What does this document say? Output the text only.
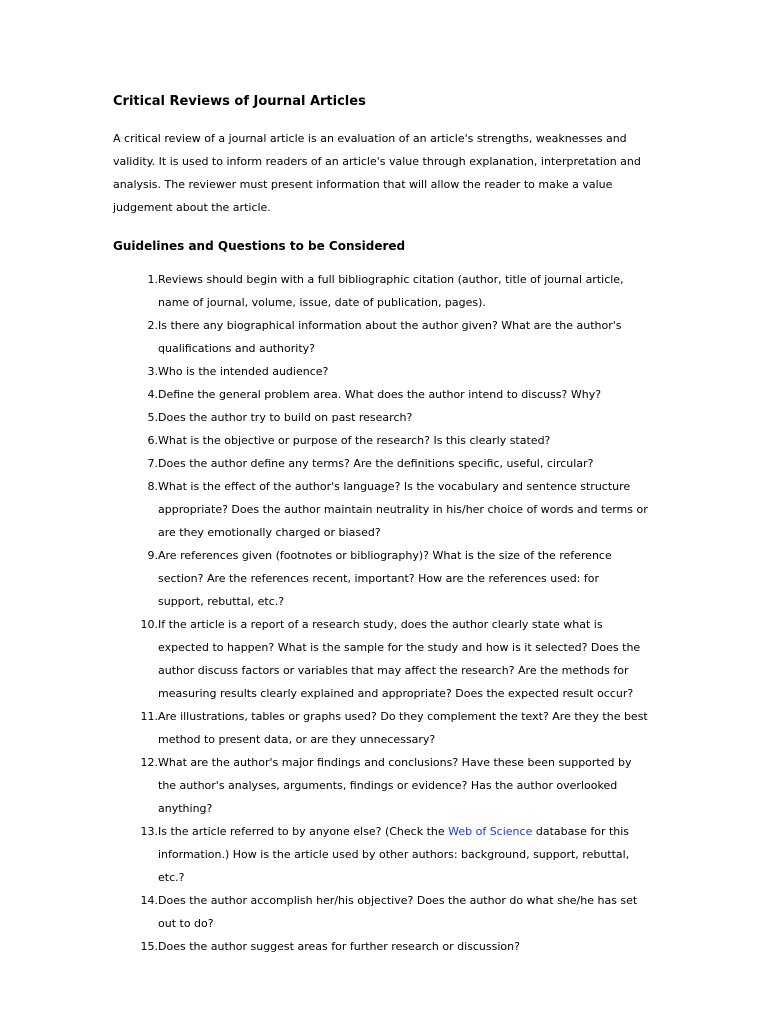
Critical Reviews of Journal Articles

A critical review of a journal article is an evaluation of an article's strengths, weaknesses and validity. It is used to inform readers of an article's value through explanation, interpretation and analysis. The reviewer must present information that will allow the reader to make a value judgement about the article.

Guidelines and Questions to be Considered
1. Reviews should begin with a full bibliographic citation (author, title of journal article, name of journal, volume, issue, date of publication, pages).
2. Is there any biographical information about the author given? What are the author's qualifications and authority?
3. Who is the intended audience?
4. Define the general problem area. What does the author intend to discuss? Why?
5. Does the author try to build on past research?
6. What is the objective or purpose of the research? Is this clearly stated?
7. Does the author define any terms? Are the definitions specific, useful, circular?
8. What is the effect of the author's language? Is the vocabulary and sentence structure appropriate? Does the author maintain neutrality in his/her choice of words and terms or are they emotionally charged or biased?
9. Are references given (footnotes or bibliography)? What is the size of the reference section? Are the references recent, important? How are the references used: for support, rebuttal, etc.?
10. If the article is a report of a research study, does the author clearly state what is expected to happen? What is the sample for the study and how is it selected? Does the author discuss factors or variables that may affect the research? Are the methods for measuring results clearly explained and appropriate? Does the expected result occur?
11. Are illustrations, tables or graphs used? Do they complement the text? Are they the best method to present data, or are they unnecessary?
12. What are the author's major findings and conclusions? Have these been supported by the author's analyses, arguments, findings or evidence? Has the author overlooked anything?
13. Is the article referred to by anyone else? (Check the Web of Science database for this information.) How is the article used by other authors: background, support, rebuttal, etc.?
14. Does the author accomplish her/his objective? Does the author do what she/he has set out to do?
15. Does the author suggest areas for further research or discussion?
